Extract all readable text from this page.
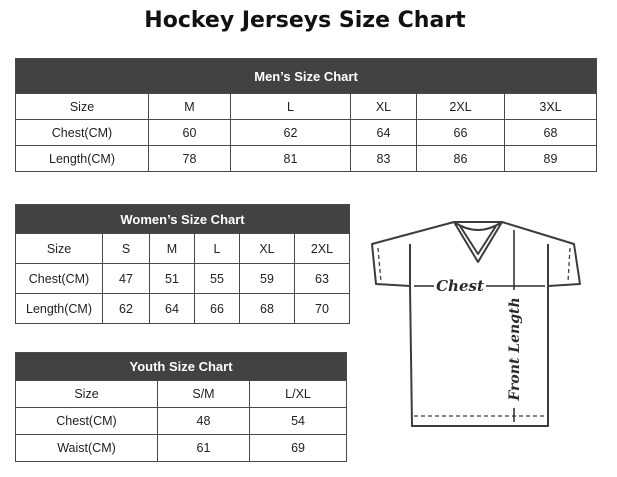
Hockey Jerseys Size Chart
Men’s Size Chart					
Size	M	L	XL	2XL	3XL
Chest(CM)	60	62	64	66	68
Length(CM)	78	81	83	86	89
Women’s Size Chart					
Size	S	M	L	XL	2XL
Chest(CM)	47	51	55	59	63
Length(CM)	62	64	66	68	70
Youth Size Chart		
Size	S/M	L/XL
Chest(CM)	48	54
Waist(CM)	61	69
Chest
Front Length
